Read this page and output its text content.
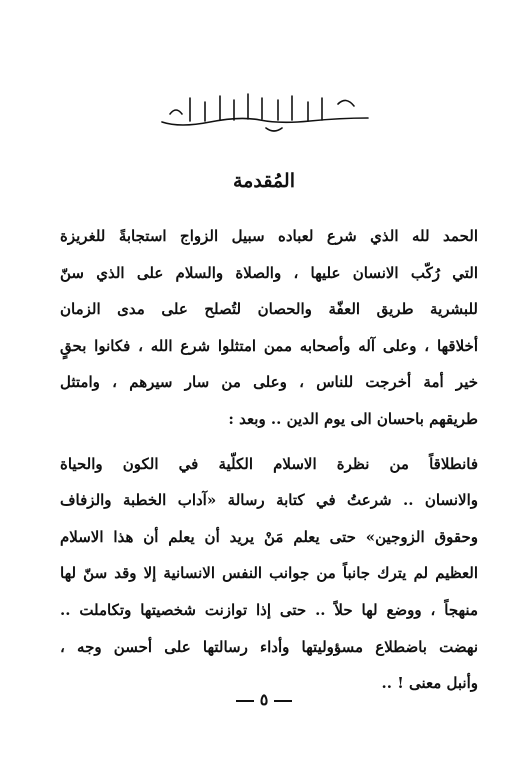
المُقدمة
الحمد لله الذي شرع لعباده سبيل الزواج استجابةً للغريزة
التي رُكّب الانسان عليها ، والصلاة والسلام على الذي سنّ
للبشرية طريق العفّة والحصان لتُصلح على مدى الزمان
أخلاقها ، وعلى آله وأصحابه ممن امتثلوا شرع الله ، فكانوا بحقٍ
خير أمة أخرجت للناس ، وعلى من سار سيرهم ، وامتثل
طريقهم باحسان الى يوم الدين .. وبعد :
فانطلاقاً من نظرة الاسلام الكلّية في الكون والحياة
والانسان .. شرعتُ في كتابة رسالة «آداب الخطبة والزفاف
وحقوق الزوجين» حتى يعلم مَنْ يريد أن يعلم أن هذا الاسلام
العظيم لم يترك جانباً من جوانب النفس الانسانية إلا وقد سنّ لها
منهجاً ، ووضع لها حلاً .. حتى إذا توازنت شخصيتها وتكاملت ..
نهضت باضطلاع مسؤوليتها وأداء رسالتها على أحسن وجه ،
وأنبل معنى ! ..
٥
